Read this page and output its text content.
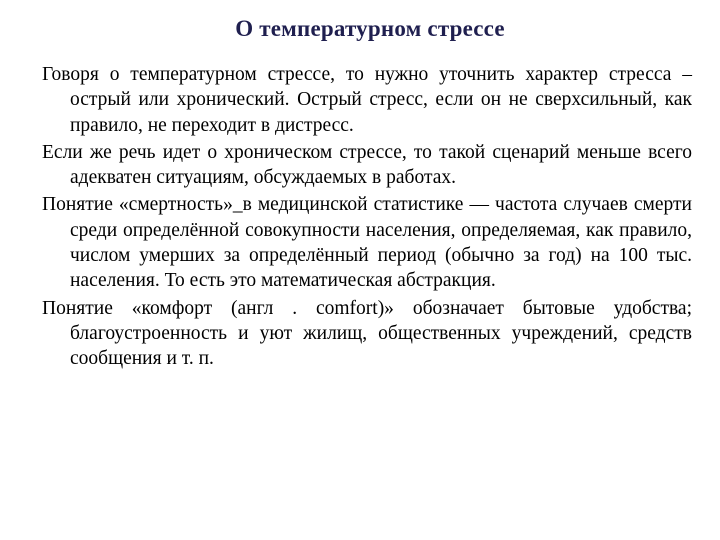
О температурном стрессе

Говоря о температурном стрессе, то нужно уточнить характер стресса – острый или хронический. Острый стресс, если он не сверхсильный, как правило, не переходит в дистресс.

Если же речь идет о хроническом стрессе, то такой сценарий меньше всего адекватен ситуациям, обсуждаемых в работах.

Понятие «смертность»_в медицинской статистике — частота случаев смерти среди определённой совокупности населения, определяемая, как правило, числом умерших за определённый период (обычно за год) на 100 тыс. населения. То есть это математическая абстракция.

Понятие «комфорт (англ . comfort)» обозначает бытовые удобства; благоустроенность и уют жилищ, общественных учреждений, средств сообщения и т. п.
